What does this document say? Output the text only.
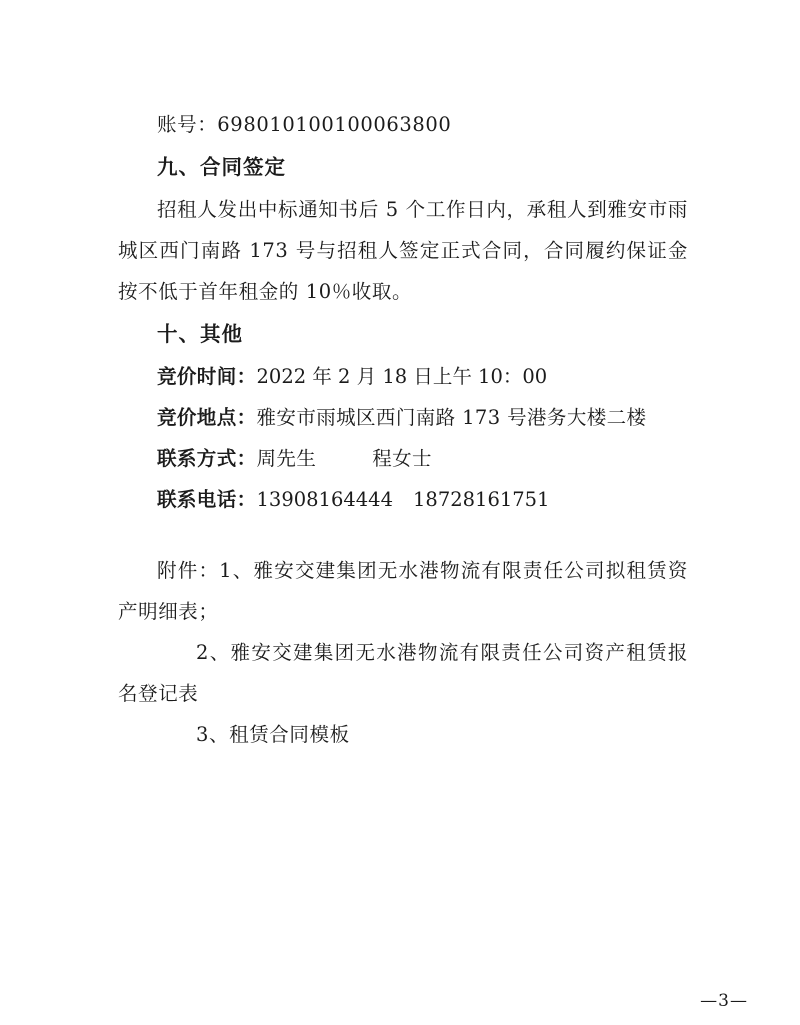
账号：698010100100063800

九、合同签定

招租人发出中标通知书后 5 个工作日内，承租人到雅安市雨城区西门南路 173 号与招租人签定正式合同，合同履约保证金按不低于首年租金的 10％收取。

十、其他

竞价时间：2022 年 2 月 18 日上午 10：00

竞价地点：雅安市雨城区西门南路 173 号港务大楼二楼

联系方式：周先生	程女士

联系电话：13908164444 18728161751

附件：1、雅安交建集团无水港物流有限责任公司拟租赁资产明细表；

2、雅安交建集团无水港物流有限责任公司资产租赁报名登记表

3、租赁合同模板

—3—
